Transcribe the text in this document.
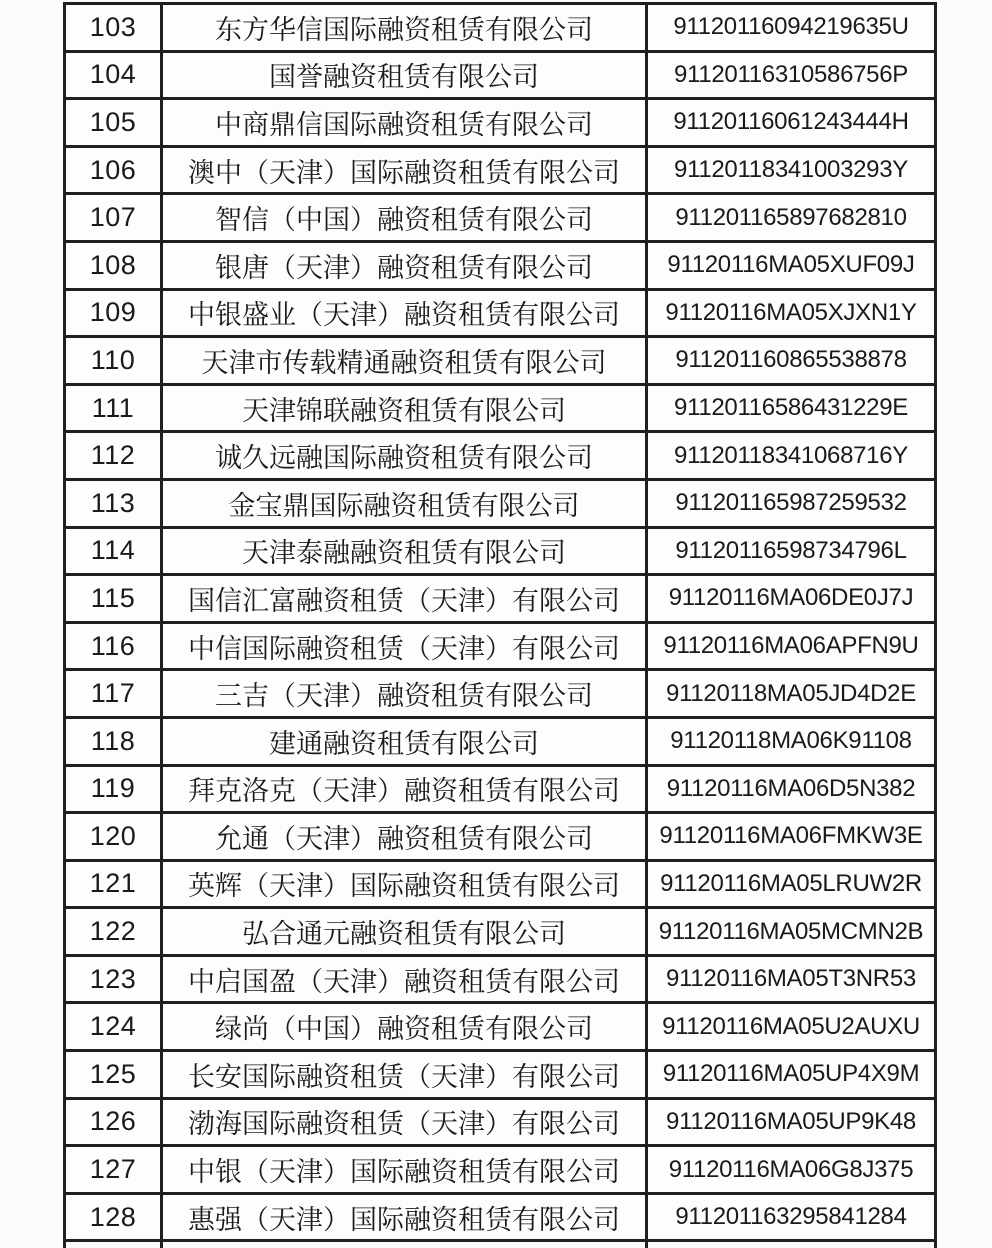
103	东方华信国际融资租赁有限公司	91120116094219635U
104	国誉融资租赁有限公司	91120116310586756P
105	中商鼎信国际融资租赁有限公司	91120116061243444H
106	澳中（天津）国际融资租赁有限公司	91120118341003293Y
107	智信（中国）融资租赁有限公司	911201165897682810
108	银唐（天津）融资租赁有限公司	91120116MA05XUF09J
109	中银盛业（天津）融资租赁有限公司	91120116MA05XJXN1Y
110	天津市传载精通融资租赁有限公司	911201160865538878
111	天津锦联融资租赁有限公司	91120116586431229E
112	诚久远融国际融资租赁有限公司	91120118341068716Y
113	金宝鼎国际融资租赁有限公司	911201165987259532
114	天津泰融融资租赁有限公司	91120116598734796L
115	国信汇富融资租赁（天津）有限公司	91120116MA06DE0J7J
116	中信国际融资租赁（天津）有限公司	91120116MA06APFN9U
117	三吉（天津）融资租赁有限公司	91120118MA05JD4D2E
118	建通融资租赁有限公司	91120118MA06K91108
119	拜克洛克（天津）融资租赁有限公司	91120116MA06D5N382
120	允通（天津）融资租赁有限公司	91120116MA06FMKW3E
121	英辉（天津）国际融资租赁有限公司	91120116MA05LRUW2R
122	弘合通元融资租赁有限公司	91120116MA05MCMN2B
123	中启国盈（天津）融资租赁有限公司	91120116MA05T3NR53
124	绿尚（中国）融资租赁有限公司	91120116MA05U2AUXU
125	长安国际融资租赁（天津）有限公司	91120116MA05UP4X9M
126	渤海国际融资租赁（天津）有限公司	91120116MA05UP9K48
127	中银（天津）国际融资租赁有限公司	91120116MA06G8J375
128	惠强（天津）国际融资租赁有限公司	911201163295841284
